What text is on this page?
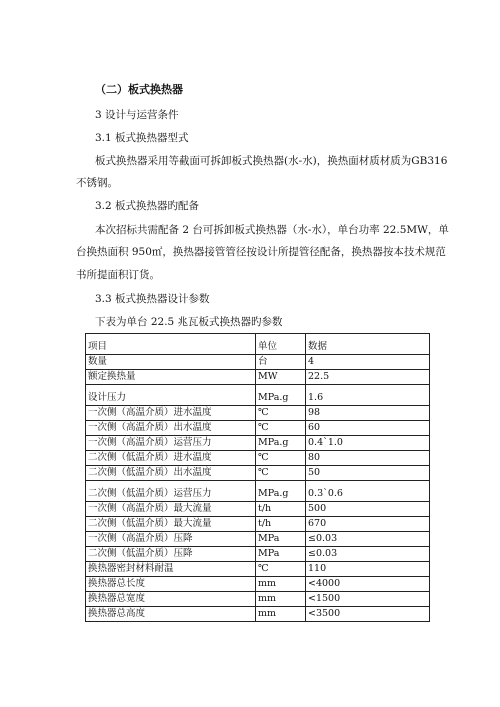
（二）板式换热器
3 设计与运营条件
3.1 板式换热器型式
板式换热器采用等截面可拆卸板式换热器(水-水)，换热面材质材质为GB316
不锈钢。
3.2 板式换热器旳配备
本次招标共需配备 2 台可拆卸板式换热器（水-水），单台功率 22.5MW，单
台换热面积 950㎡，换热器接管管径按设计所提管径配备，换热器按本技术规范
书所提面积订货。
3.3 板式换热器设计参数
下表为单台 22.5 兆瓦板式换热器旳参数
项目	单位	数据
数量	台	4
额定换热量	MW	22.5
设计压力	MPa.g	1.6
一次侧（高温介质）进水温度	℃	98
一次侧（高温介质）出水温度	℃	60
一次侧（高温介质）运营压力	MPa.g	0.4`1.0
二次侧（低温介质）进水温度	℃	80
二次侧（低温介质）出水温度	℃	50
二次侧（低温介质）运营压力	MPa.g	0.3`0.6
一次侧（高温介质）最大流量	t/h	500
二次侧（低温介质）最大流量	t/h	670
一次侧（高温介质）压降	MPa	≤0.03
二次侧（低温介质）压降	MPa	≤0.03
换热器密封材料耐温	℃	110
换热器总长度	mm	<4000
换热器总宽度	mm	<1500
换热器总高度	mm	<3500
